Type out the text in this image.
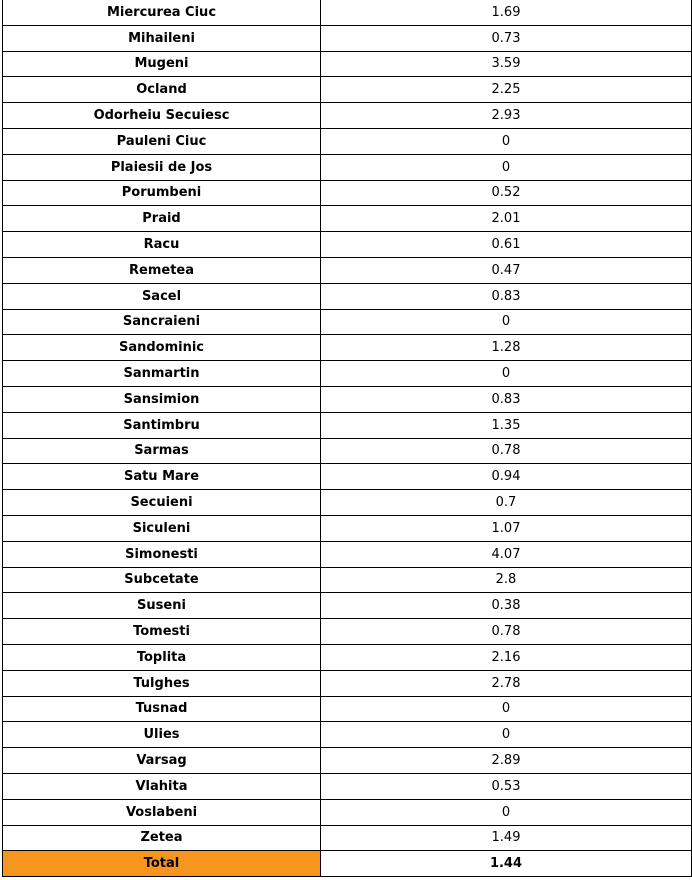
Miercurea Ciuc	1.69
Mihaileni	0.73
Mugeni	3.59
Ocland	2.25
Odorheiu Secuiesc	2.93
Pauleni Ciuc	0
Plaiesii de Jos	0
Porumbeni	0.52
Praid	2.01
Racu	0.61
Remetea	0.47
Sacel	0.83
Sancraieni	0
Sandominic	1.28
Sanmartin	0
Sansimion	0.83
Santimbru	1.35
Sarmas	0.78
Satu Mare	0.94
Secuieni	0.7
Siculeni	1.07
Simonesti	4.07
Subcetate	2.8
Suseni	0.38
Tomesti	0.78
Toplita	2.16
Tulghes	2.78
Tusnad	0
Ulies	0
Varsag	2.89
Vlahita	0.53
Voslabeni	0
Zetea	1.49
Total	1.44
